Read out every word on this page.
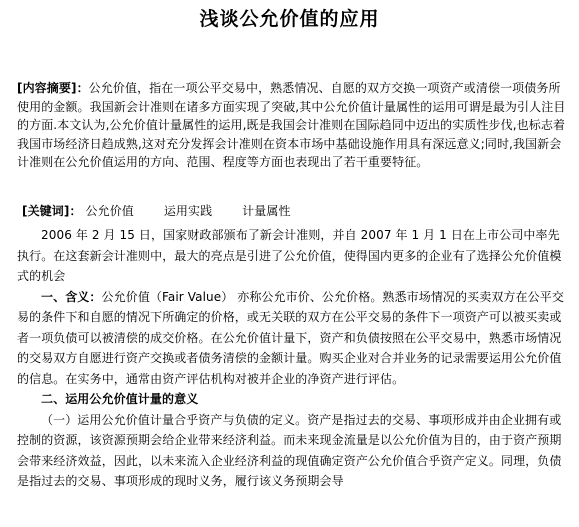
浅谈公允价值的应用
[内容摘要]：公允价值，指在一项公平交易中，熟悉情况、自愿的双方交换一项资产或清偿一项债务所使用的金额。我国新会计准则在诸多方面实现了突破,其中公允价值计量属性的运用可谓是最为引人注目的方面.本文认为,公允价值计量属性的运用,既是我国会计准则在国际趋同中迈出的实质性步伐,也标志着我国市场经济日趋成熟,这对充分发挥会计准则在资本市场中基础设施作用具有深远意义;同时,我国新会计准则在公允价值运用的方向、范围、程度等方面也表现出了若干重要特征。
[关键词]： 公允价值 运用实践 计量属性

2006 年 2 月 15 日，国家财政部颁布了新会计准则，并自 2007 年 1 月 1 日在上市公司中率先执行。在这套新会计准则中，最大的亮点是引进了公允价值，使得国内更多的企业有了选择公允价值模式的机会

一、含义：公允价值（Fair Value） 亦称公允市价、公允价格。熟悉市场情况的买卖双方在公平交易的条件下和自愿的情况下所确定的价格，或无关联的双方在公平交易的条件下一项资产可以被买卖或者一项负债可以被清偿的成交价格。在公允价值计量下，资产和负债按照在公平交易中，熟悉市场情况的交易双方自愿进行资产交换或者债务清偿的金额计量。购买企业对合并业务的记录需要运用公允价值的信息。在实务中，通常由资产评估机构对被并企业的净资产进行评估。

二、运用公允价值计量的意义

（一）运用公允价值计量合乎资产与负债的定义。资产是指过去的交易、事项形成并由企业拥有或控制的资源，该资源预期会给企业带来经济利益。而未来现金流量是以公允价值为目的，由于资产预期会带来经济效益，因此，以未来流入企业经济利益的现值确定资产公允价值合乎资产定义。同理，负债是指过去的交易、事项形成的现时义务，履行该义务预期会导
